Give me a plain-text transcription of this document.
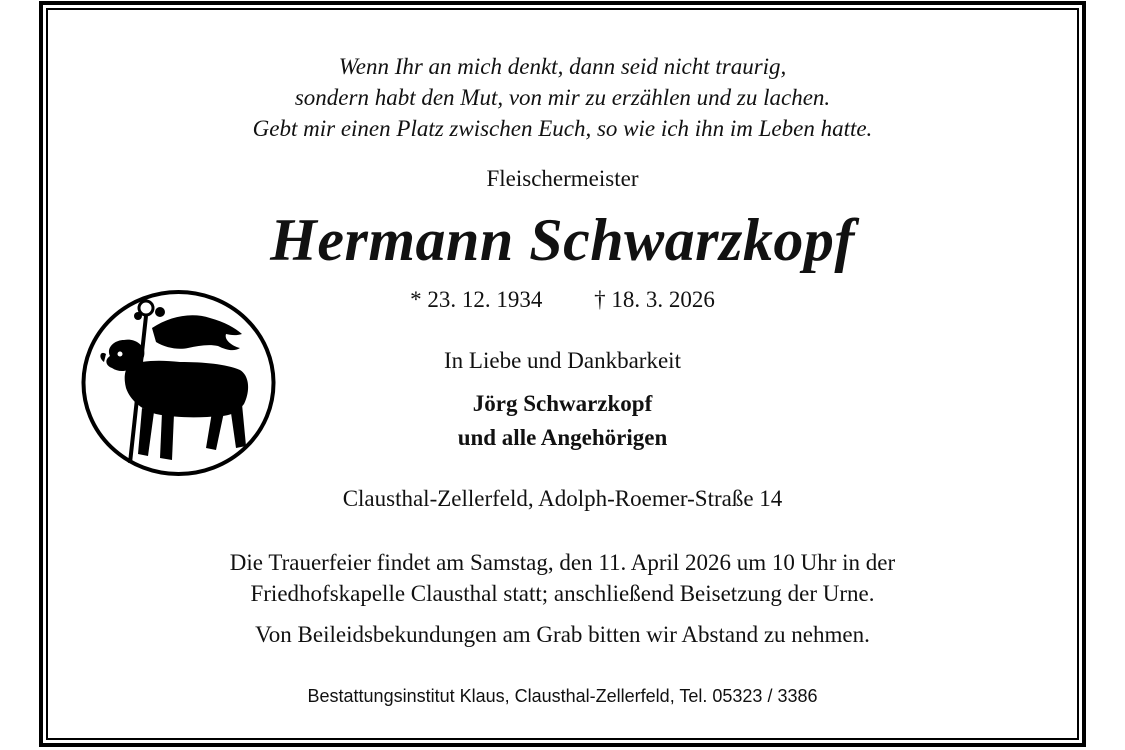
Wenn Ihr an mich denkt, dann seid nicht traurig,
sondern habt den Mut, von mir zu erzählen und zu lachen.
Gebt mir einen Platz zwischen Euch, so wie ich ihn im Leben hatte.
Fleischermeister
Hermann Schwarzkopf
* 23. 12. 1934 † 18. 3. 2026
In Liebe und Dankbarkeit
Jörg Schwarzkopf
und alle Angehörigen
Clausthal-Zellerfeld, Adolph-Roemer-Straße 14
Die Trauerfeier findet am Samstag, den 11. April 2026 um 10 Uhr in der
Friedhofskapelle Clausthal statt; anschließend Beisetzung der Urne.
Von Beileidsbekundungen am Grab bitten wir Abstand zu nehmen.
Bestattungsinstitut Klaus, Clausthal-Zellerfeld, Tel. 05323 / 3386
